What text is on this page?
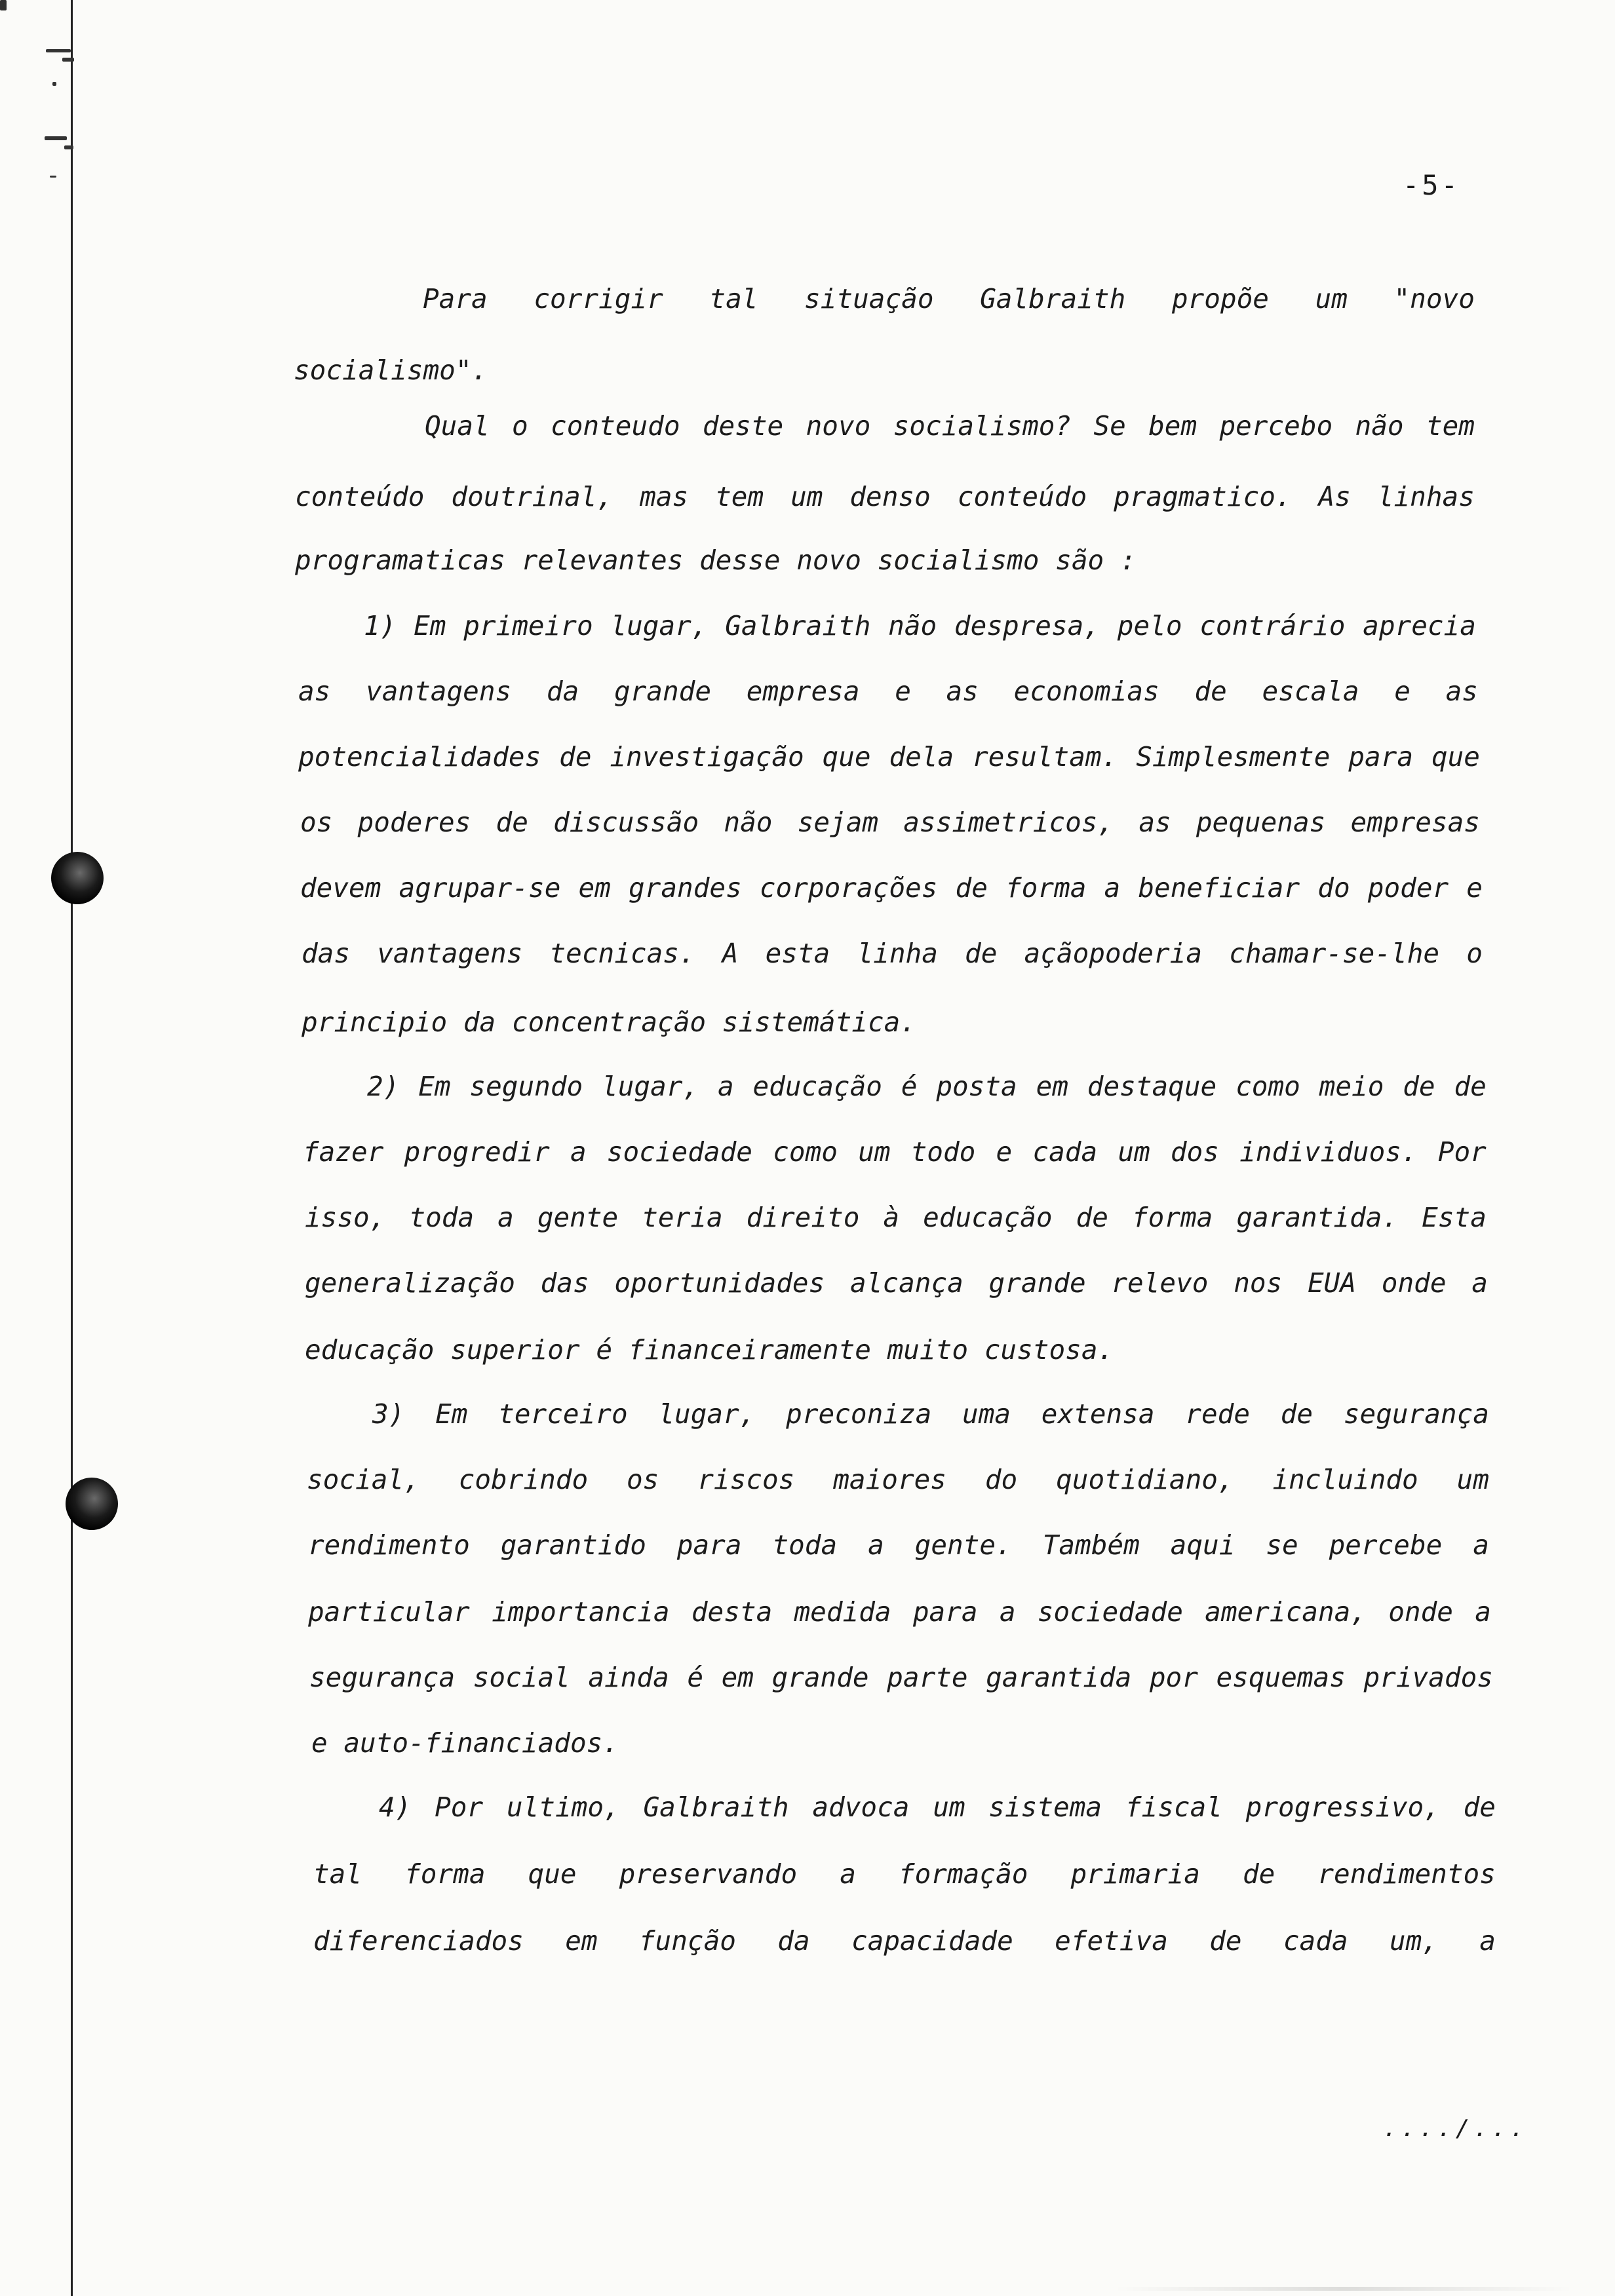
-5-
Para corrigir tal situação Galbraith propõe um "novo
socialismo".
Qual o conteudo deste novo socialismo? Se bem percebo não tem
conteúdo doutrinal, mas tem um denso conteúdo pragmatico. As linhas
programaticas relevantes desse novo socialismo são :
1) Em primeiro lugar, Galbraith não despresa, pelo contrário aprecia
as vantagens da grande empresa e as economias de escala e as
potencialidades de investigação que dela resultam. Simplesmente para que
os poderes de discussão não sejam assimetricos, as pequenas empresas
devem agrupar-se em grandes corporações de forma a beneficiar do poder e
das vantagens tecnicas. A esta linha de açãopoderia chamar-se-lhe o
principio da concentração sistemática.
2) Em segundo lugar, a educação é posta em destaque como meio de de
fazer progredir a sociedade como um todo e cada um dos individuos. Por
isso, toda a gente teria direito à educação de forma garantida. Esta
generalização das oportunidades alcança grande relevo nos EUA onde a
educação superior é financeiramente muito custosa.
3) Em terceiro lugar, preconiza uma extensa rede de segurança
social, cobrindo os riscos maiores do quotidiano, incluindo um
rendimento garantido para toda a gente. Também aqui se percebe a
particular importancia desta medida para a sociedade americana, onde a
segurança social ainda é em grande parte garantida por esquemas privados
e auto-financiados.
4) Por ultimo, Galbraith advoca um sistema fiscal progressivo, de
tal forma que preservando a formação primaria de rendimentos
diferenciados em função da capacidade efetiva de cada um, a
..../...
